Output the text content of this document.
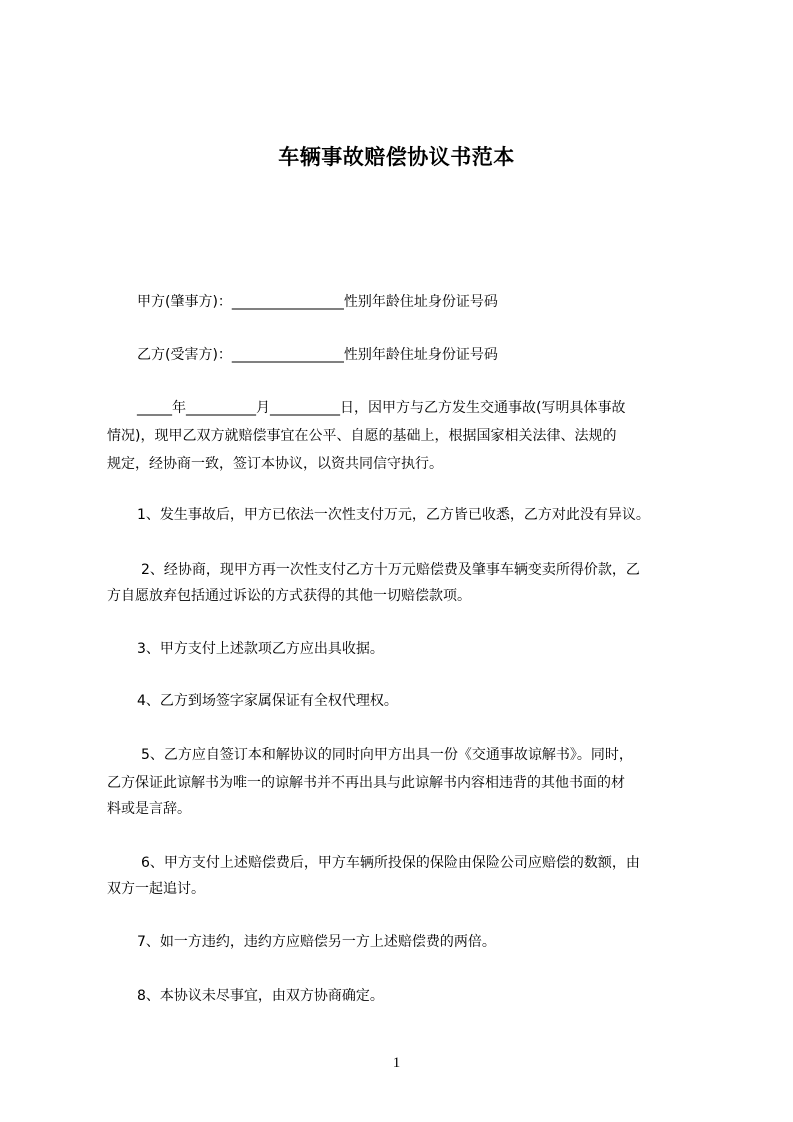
车辆事故赔偿协议书范本
甲方(肇事方)：________________性别年龄住址身份证号码
乙方(受害方)：________________性别年龄住址身份证号码
_____年__________月__________日，因甲方与乙方发生交通事故(写明具体事故
情况)，现甲乙双方就赔偿事宜在公平、自愿的基础上，根据国家相关法律、法规的
规定，经协商一致，签订本协议，以资共同信守执行。
1、发生事故后，甲方已依法一次性支付万元，乙方皆已收悉，乙方对此没有异议。
2、经协商，现甲方再一次性支付乙方十万元赔偿费及肇事车辆变卖所得价款，乙
方自愿放弃包括通过诉讼的方式获得的其他一切赔偿款项。
3、甲方支付上述款项乙方应出具收据。
4、乙方到场签字家属保证有全权代理权。
5、乙方应自签订本和解协议的同时向甲方出具一份《交通事故谅解书》。同时，
乙方保证此谅解书为唯一的谅解书并不再出具与此谅解书内容相违背的其他书面的材
料或是言辞。
6、甲方支付上述赔偿费后，甲方车辆所投保的保险由保险公司应赔偿的数额，由
双方一起追讨。
7、如一方违约，违约方应赔偿另一方上述赔偿费的两倍。
8、本协议未尽事宜，由双方协商确定。
1
